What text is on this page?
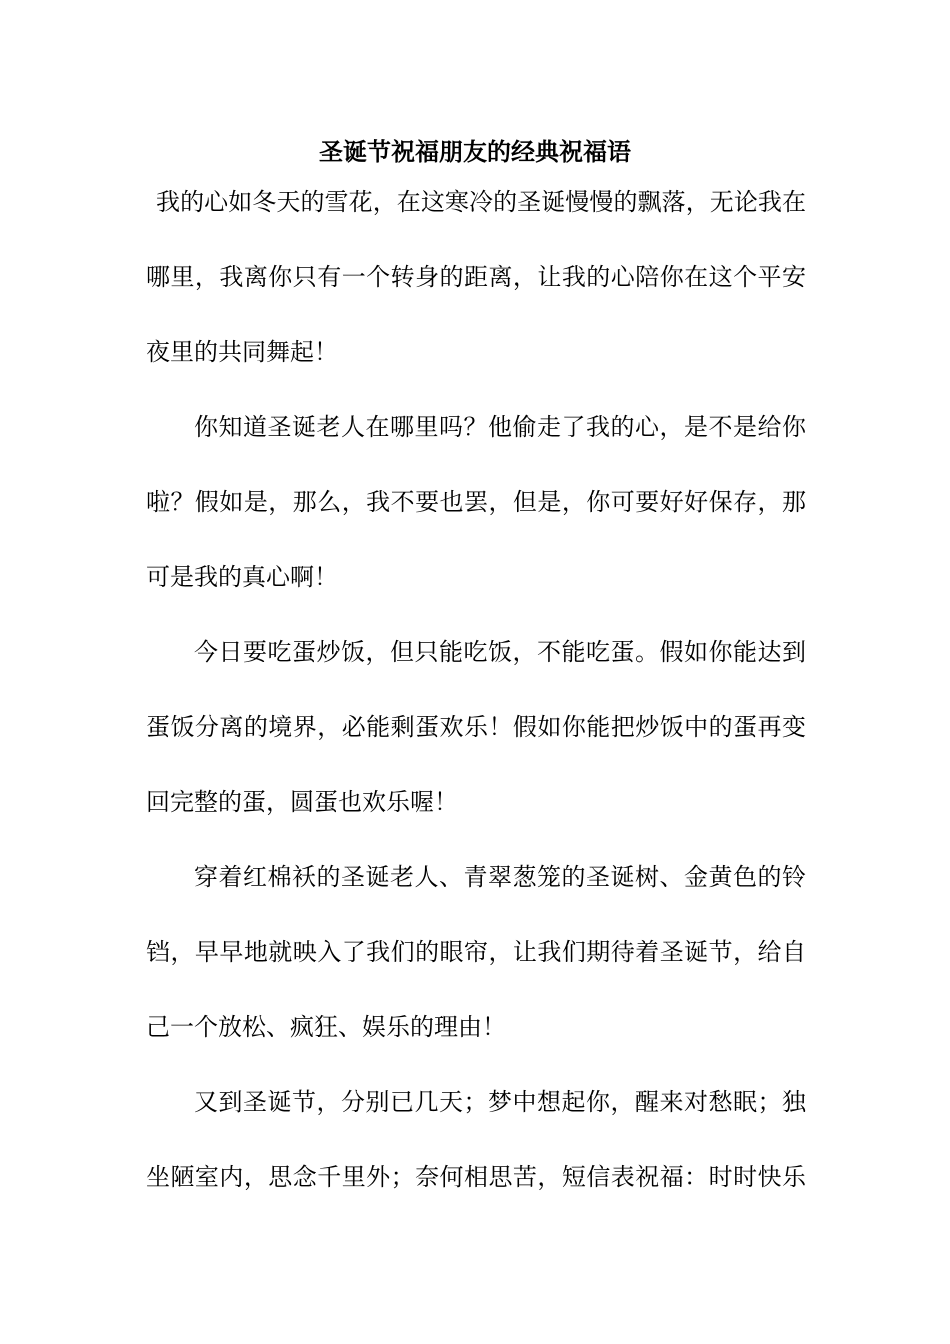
圣诞节祝福朋友的经典祝福语
我的心如冬天的雪花，在这寒冷的圣诞慢慢的飘落，无论我在
哪里，我离你只有一个转身的距离，让我的心陪你在这个平安
夜里的共同舞起！
你知道圣诞老人在哪里吗？他偷走了我的心，是不是给你
啦？假如是，那么，我不要也罢，但是，你可要好好保存，那
可是我的真心啊！
今日要吃蛋炒饭，但只能吃饭，不能吃蛋。假如你能达到
蛋饭分离的境界，必能剩蛋欢乐！假如你能把炒饭中的蛋再变
回完整的蛋，圆蛋也欢乐喔！
穿着红棉袄的圣诞老人、青翠葱笼的圣诞树、金黄色的铃
铛，早早地就映入了我们的眼帘，让我们期待着圣诞节，给自
己一个放松、疯狂、娱乐的理由！
又到圣诞节，分别已几天；梦中想起你，醒来对愁眠；独
坐陋室内，思念千里外；奈何相思苦，短信表祝福：时时快乐
